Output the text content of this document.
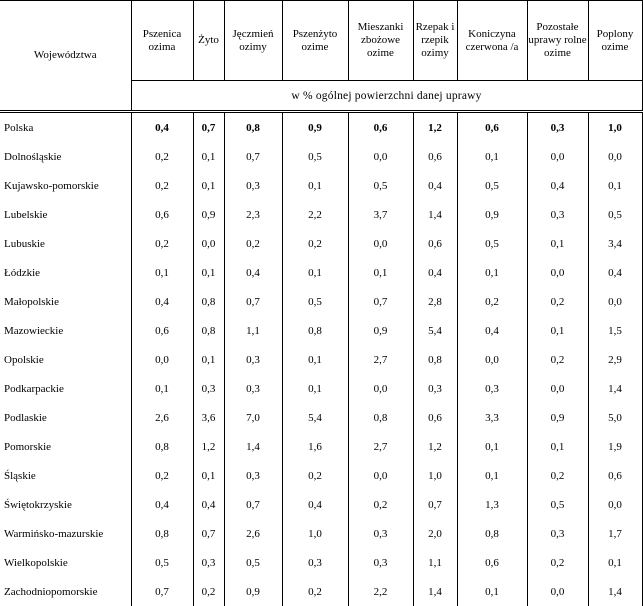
Województwa	Pszenica ozima	Żyto	Jęczmień ozimy	Pszenżyto ozime	Mieszanki zbożowe ozime	Rzepak i rzepik ozimy	Koniczyna czerwona /a	Pozostałe uprawy rolne ozime	Poplony ozime
	w % ogólnej powierzchni danej uprawy								
Polska	0,4	0,7	0,8	0,9	0,6	1,2	0,6	0,3	1,0
Dolnośląskie	0,2	0,1	0,7	0,5	0,0	0,6	0,1	0,0	0,0
Kujawsko-pomorskie	0,2	0,1	0,3	0,1	0,5	0,4	0,5	0,4	0,1
Lubelskie	0,6	0,9	2,3	2,2	3,7	1,4	0,9	0,3	0,5
Lubuskie	0,2	0,0	0,2	0,2	0,0	0,6	0,5	0,1	3,4
Łódzkie	0,1	0,1	0,4	0,1	0,1	0,4	0,1	0,0	0,4
Małopolskie	0,4	0,8	0,7	0,5	0,7	2,8	0,2	0,2	0,0
Mazowieckie	0,6	0,8	1,1	0,8	0,9	5,4	0,4	0,1	1,5
Opolskie	0,0	0,1	0,3	0,1	2,7	0,8	0,0	0,2	2,9
Podkarpackie	0,1	0,3	0,3	0,1	0,0	0,3	0,3	0,0	1,4
Podlaskie	2,6	3,6	7,0	5,4	0,8	0,6	3,3	0,9	5,0
Pomorskie	0,8	1,2	1,4	1,6	2,7	1,2	0,1	0,1	1,9
Śląskie	0,2	0,1	0,3	0,2	0,0	1,0	0,1	0,2	0,6
Świętokrzyskie	0,4	0,4	0,7	0,4	0,2	0,7	1,3	0,5	0,0
Warmińsko-mazurskie	0,8	0,7	2,6	1,0	0,3	2,0	0,8	0,3	1,7
Wielkopolskie	0,5	0,3	0,5	0,3	0,3	1,1	0,6	0,2	0,1
Zachodniopomorskie	0,7	0,2	0,9	0,2	2,2	1,4	0,1	0,0	1,4
